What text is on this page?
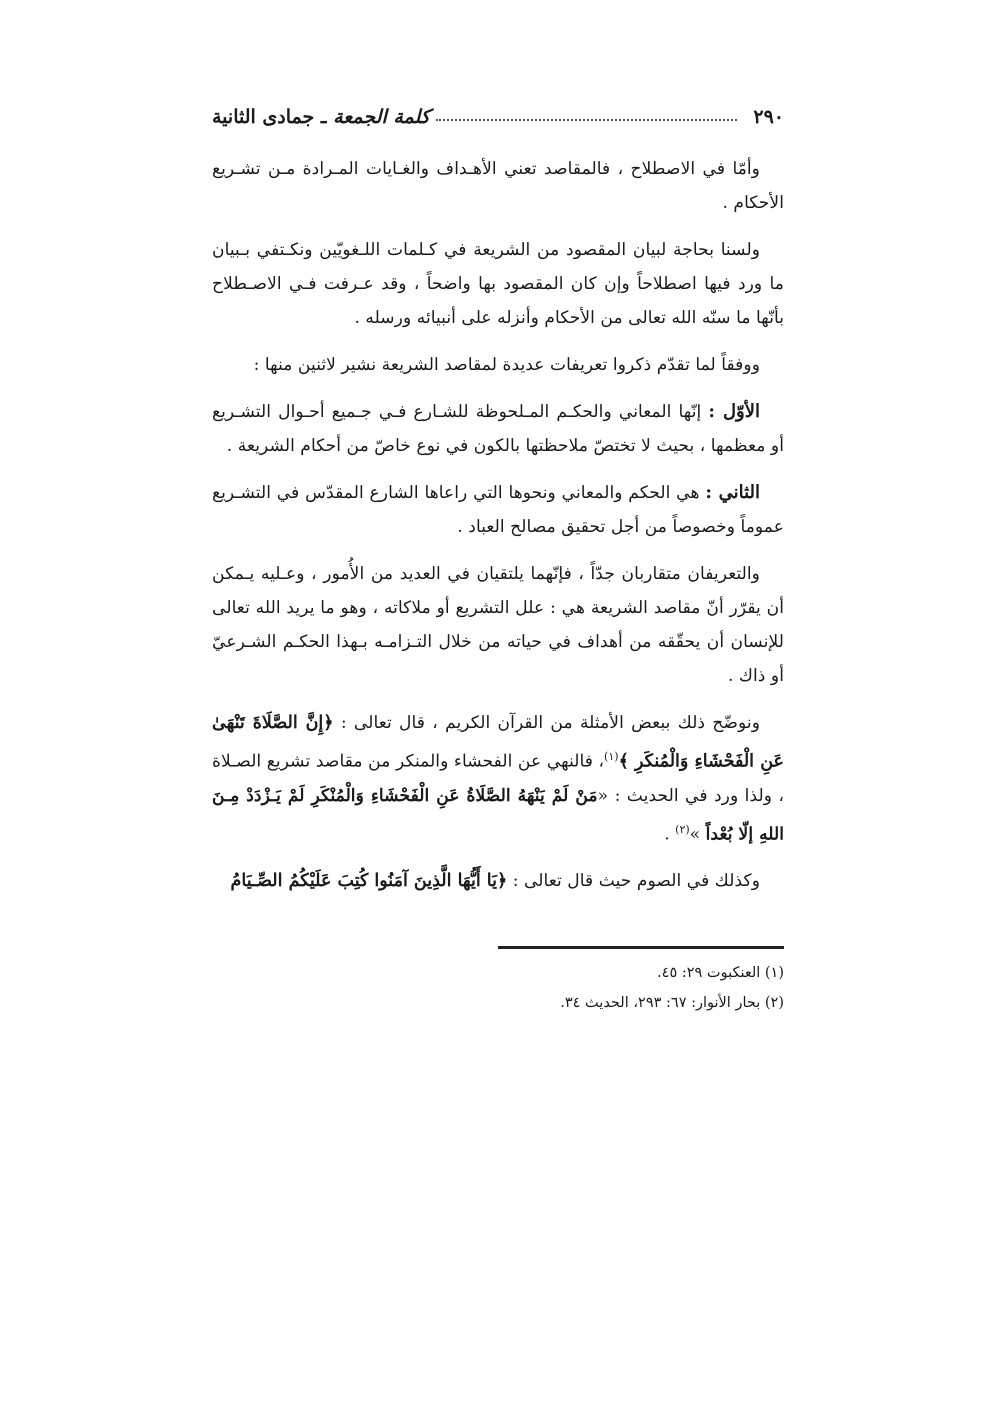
٢٩٠
كلمة الجمعة ـ جمادى الثانية

وأمّا في الاصطلاح ، فالمقاصد تعني الأهـداف والغـايات المـرادة مـن تشـريع الأحكام .

ولسنا بحاجة لبيان المقصود من الشريعة في كـلمات اللـغويّين ونكـتفي بـبيان ما ورد فيها اصطلاحاً وإن كان المقصود بها واضحاً ، وقد عـرفت فـي الاصـطلاح بأنّها ما سنّه الله تعالى من الأحكام وأنزله على أنبيائه ورسله .

ووفقاً لما تقدّم ذكروا تعريفات عديدة لمقاصد الشريعة نشير لاثنين منها :

الأوّل : إنّها المعاني والحكـم المـلحوظة للشـارع فـي جـميع أحـوال التشـريع أو معظمها ، بحيث لا تختصّ ملاحظتها بالكون في نوع خاصّ من أحكام الشريعة .

الثاني : هي الحكم والمعاني ونحوها التي راعاها الشارع المقدّس في التشـريع عموماً وخصوصاً من أجل تحقيق مصالح العباد .

والتعريفان متقاربان جدّاً ، فإنّهما يلتقيان في العديد من الأُمور ، وعـليه يـمكن أن يقرّر أنّ مقاصد الشريعة هي : علل التشريع أو ملاكاته ، وهو ما يريد الله تعالى للإنسان أن يحقّقه من أهداف في حياته من خلال التـزامـه بـهذا الحكـم الشـرعيّ أو ذاك .

ونوضّح ذلك ببعض الأمثلة من القرآن الكريم ، قال تعالى : ﴿إِنَّ الصَّلَاةَ تَنْهَىٰ عَنِ الْفَحْشَاءِ وَالْمُنكَرِ ﴾$^{(١)}$، فالنهي عن الفحشاء والمنكر من مقاصد تشريع الصـلاة ، ولذا ورد في الحديث : «مَنْ لَمْ يَنْهَهُ الصَّلَاةُ عَنِ الْفَحْشَاءِ وَالْمُنْكَرِ لَمْ يَـزْدَدْ مِـنَ اللهِ إلّا بُعْداً »$^{(٢)}$ .

وكذلك في الصوم حيث قال تعالى : ﴿يَا أَيُّهَا الَّذِينَ آمَنُوا كُتِبَ عَلَيْكُمُ الصِّـيَامُ

(١) العنكبوت ٢٩: ٤٥.
(٢) بحار الأنوار: ٦٧: ٢٩٣، الحديث ٣٤.
